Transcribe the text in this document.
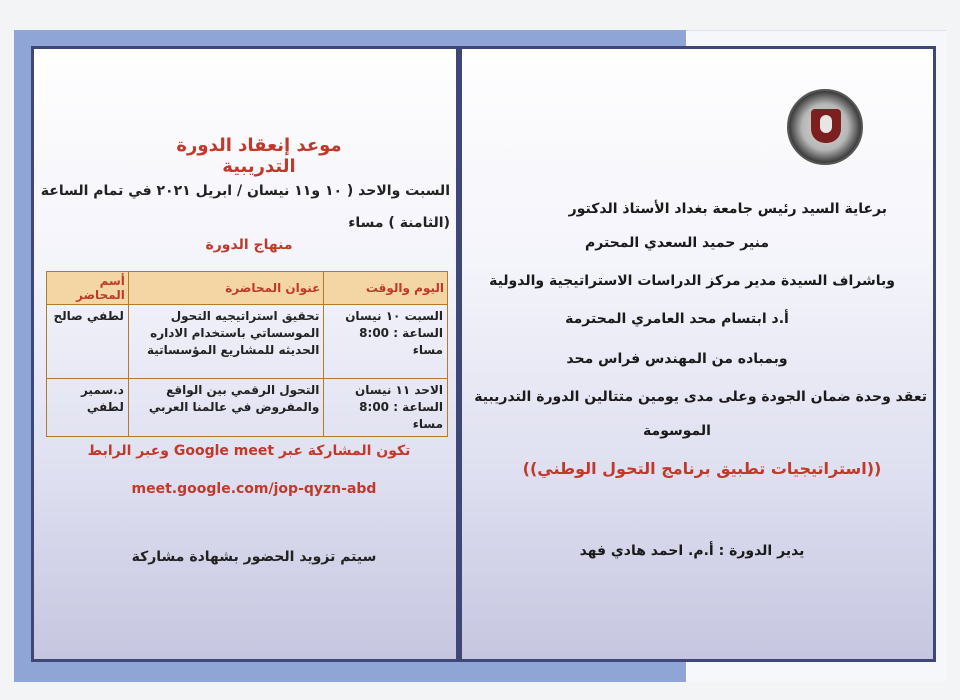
موعد إنعقاد الدورة التدريبية
السبت والاحد ( ١٠ و١١ نيسان / ابريل ٢٠٢١ في تمام الساعة
(الثامنة ) مساء
منهاج الدورة
اليوم والوقت	عنوان المحاضرة	أسم المحاضر

السبت ١٠ نيسان
الساعة : 8:00 مساء	تحقيق استراتيجيه التحول الموسساتي باستخدام الاداره الحديثه للمشاريع المؤسساتية	لطفي صالح

الاحد ١١ نيسان
الساعة : 8:00 مساء	التحول الرقمي بين الواقع والمفروض في عالمنا العربي	د.سمير لطفي
تكون المشاركة عبر Google meet وعبر الرابط
meet.google.com/jop-qyzn-abd
سيتم تزويد الحضور بشهادة مشاركة
برعاية السيد رئيس جامعة بغداد الأستاذ الدكتور
منير حميد السعدي المحترم
وباشراف السيدة مدير مركز الدراسات الاستراتيجية والدولية
أ.د ابتسام محد العامري المحترمة
وبمباده من المهندس فراس محد
تعقد وحدة ضمان الجودة وعلى مدى يومين متتالين الدورة التدريبية
الموسومة
((استراتيجيات تطبيق برنامج التحول الوطني))
يدير الدورة : أ.م. احمد هادي فهد
